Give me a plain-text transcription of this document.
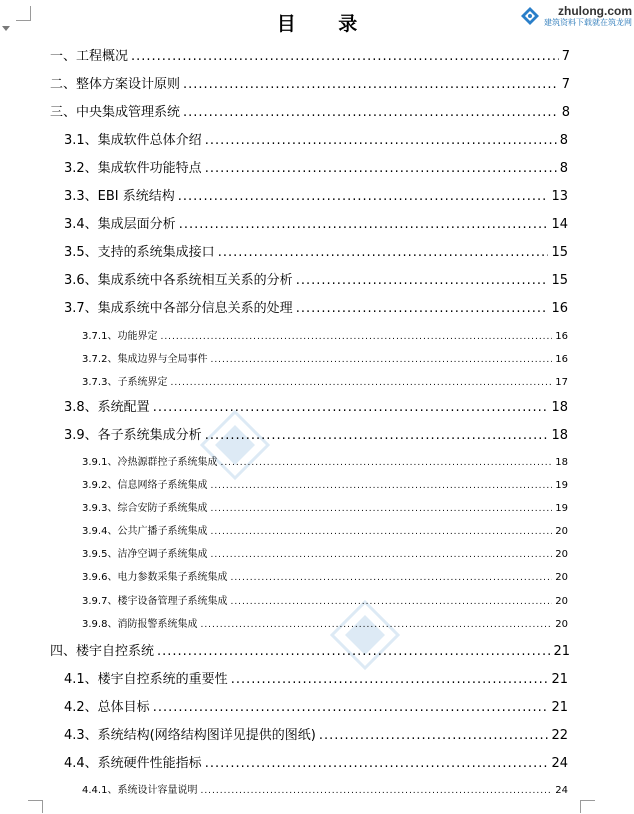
目 录
zhulong.com
建筑资料下载就在筑龙网
一、工程概况 .....	7
二、整体方案设计原则 .....	7
三、中央集成管理系统 .....	8
3.1、集成软件总体介绍 .....	8
3.2、集成软件功能特点 .....	8
3.3、EBI 系统结构 .....	13
3.4、集成层面分析 .....	14
3.5、支持的系统集成接口 .....	15
3.6、集成系统中各系统相互关系的分析 .....	15
3.7、集成系统中各部分信息关系的处理 .....	16
3.7.1、功能界定 .....	16
3.7.2、集成边界与全局事件 .....	16
3.7.3、子系统界定 .....	17
3.8、系统配置 .....	18
3.9、各子系统集成分析 .....	18
3.9.1、冷热源群控子系统集成 .....	18
3.9.2、信息网络子系统集成 .....	19
3.9.3、综合安防子系统集成 .....	19
3.9.4、公共广播子系统集成 .....	20
3.9.5、洁净空调子系统集成 .....	20
3.9.6、电力参数采集子系统集成 .....	20
3.9.7、楼宇设备管理子系统集成 .....	20
3.9.8、消防报警系统集成 .....	20
四、楼宇自控系统 .....	21
4.1、楼宇自控系统的重要性 .....	21
4.2、总体目标 .....	21
4.3、系统结构(网络结构图详见提供的图纸) .....	22
4.4、系统硬件性能指标 .....	24
4.4.1、系统设计容量说明 .....	24
